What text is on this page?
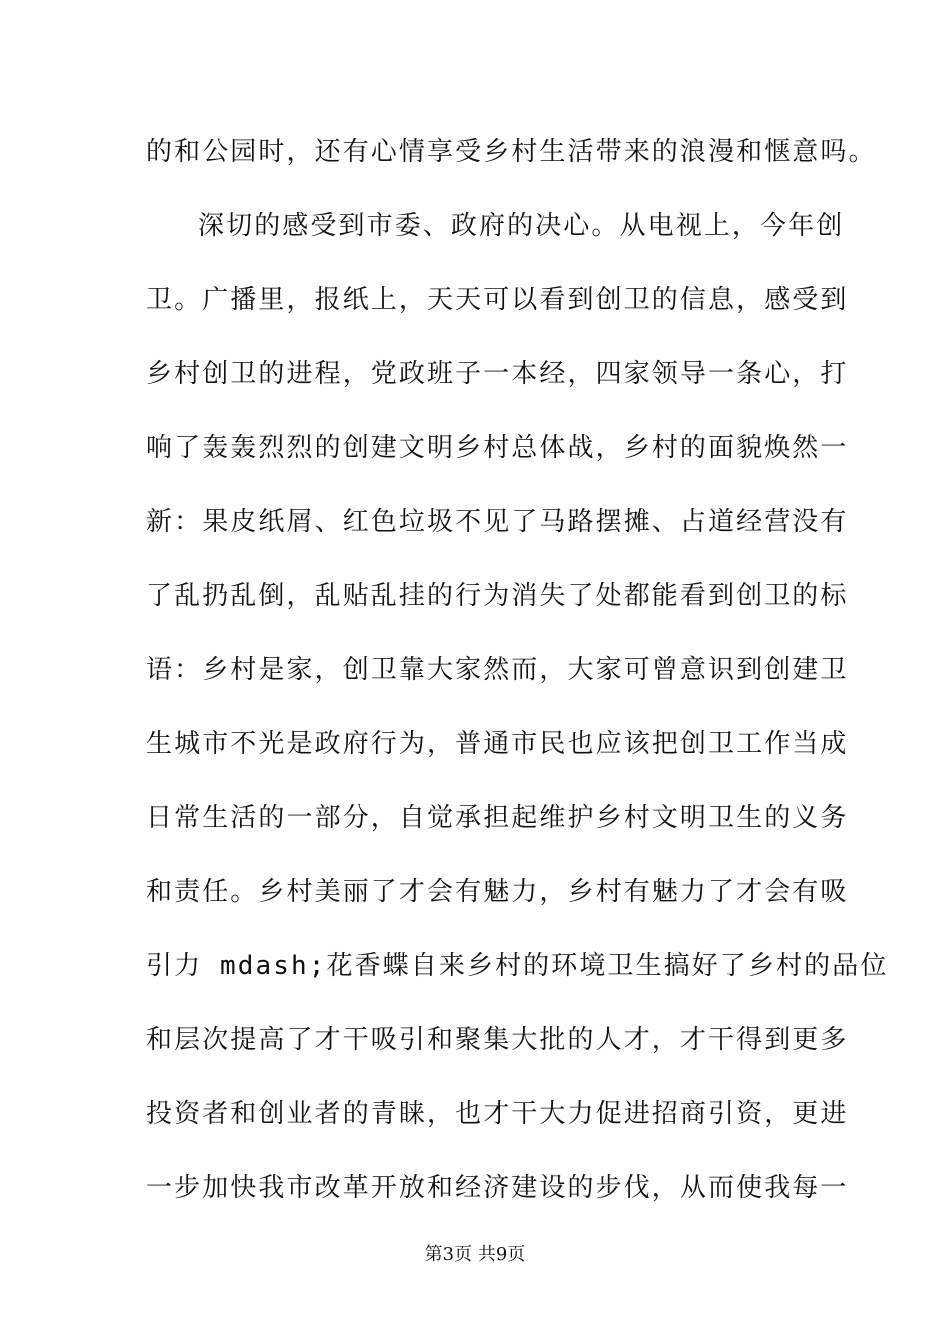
的和公园时，还有心情享受乡村生活带来的浪漫和惬意吗。
深切的感受到市委、政府的决心。从电视上，今年创
卫。广播里，报纸上，天天可以看到创卫的信息，感受到
乡村创卫的进程，党政班子一本经，四家领导一条心，打
响了轰轰烈烈的创建文明乡村总体战，乡村的面貌焕然一
新：果皮纸屑、红色垃圾不见了马路摆摊、占道经营没有
了乱扔乱倒，乱贴乱挂的行为消失了处都能看到创卫的标
语：乡村是家，创卫靠大家然而，大家可曾意识到创建卫
生城市不光是政府行为，普通市民也应该把创卫工作当成
日常生活的一部分，自觉承担起维护乡村文明卫生的义务
和责任。乡村美丽了才会有魅力，乡村有魅力了才会有吸
引力 mdash;花香蝶自来乡村的环境卫生搞好了乡村的品位
和层次提高了才干吸引和聚集大批的人才，才干得到更多
投资者和创业者的青睐，也才干大力促进招商引资，更进
一步加快我市改革开放和经济建设的步伐，从而使我每一
第3页 共9页
